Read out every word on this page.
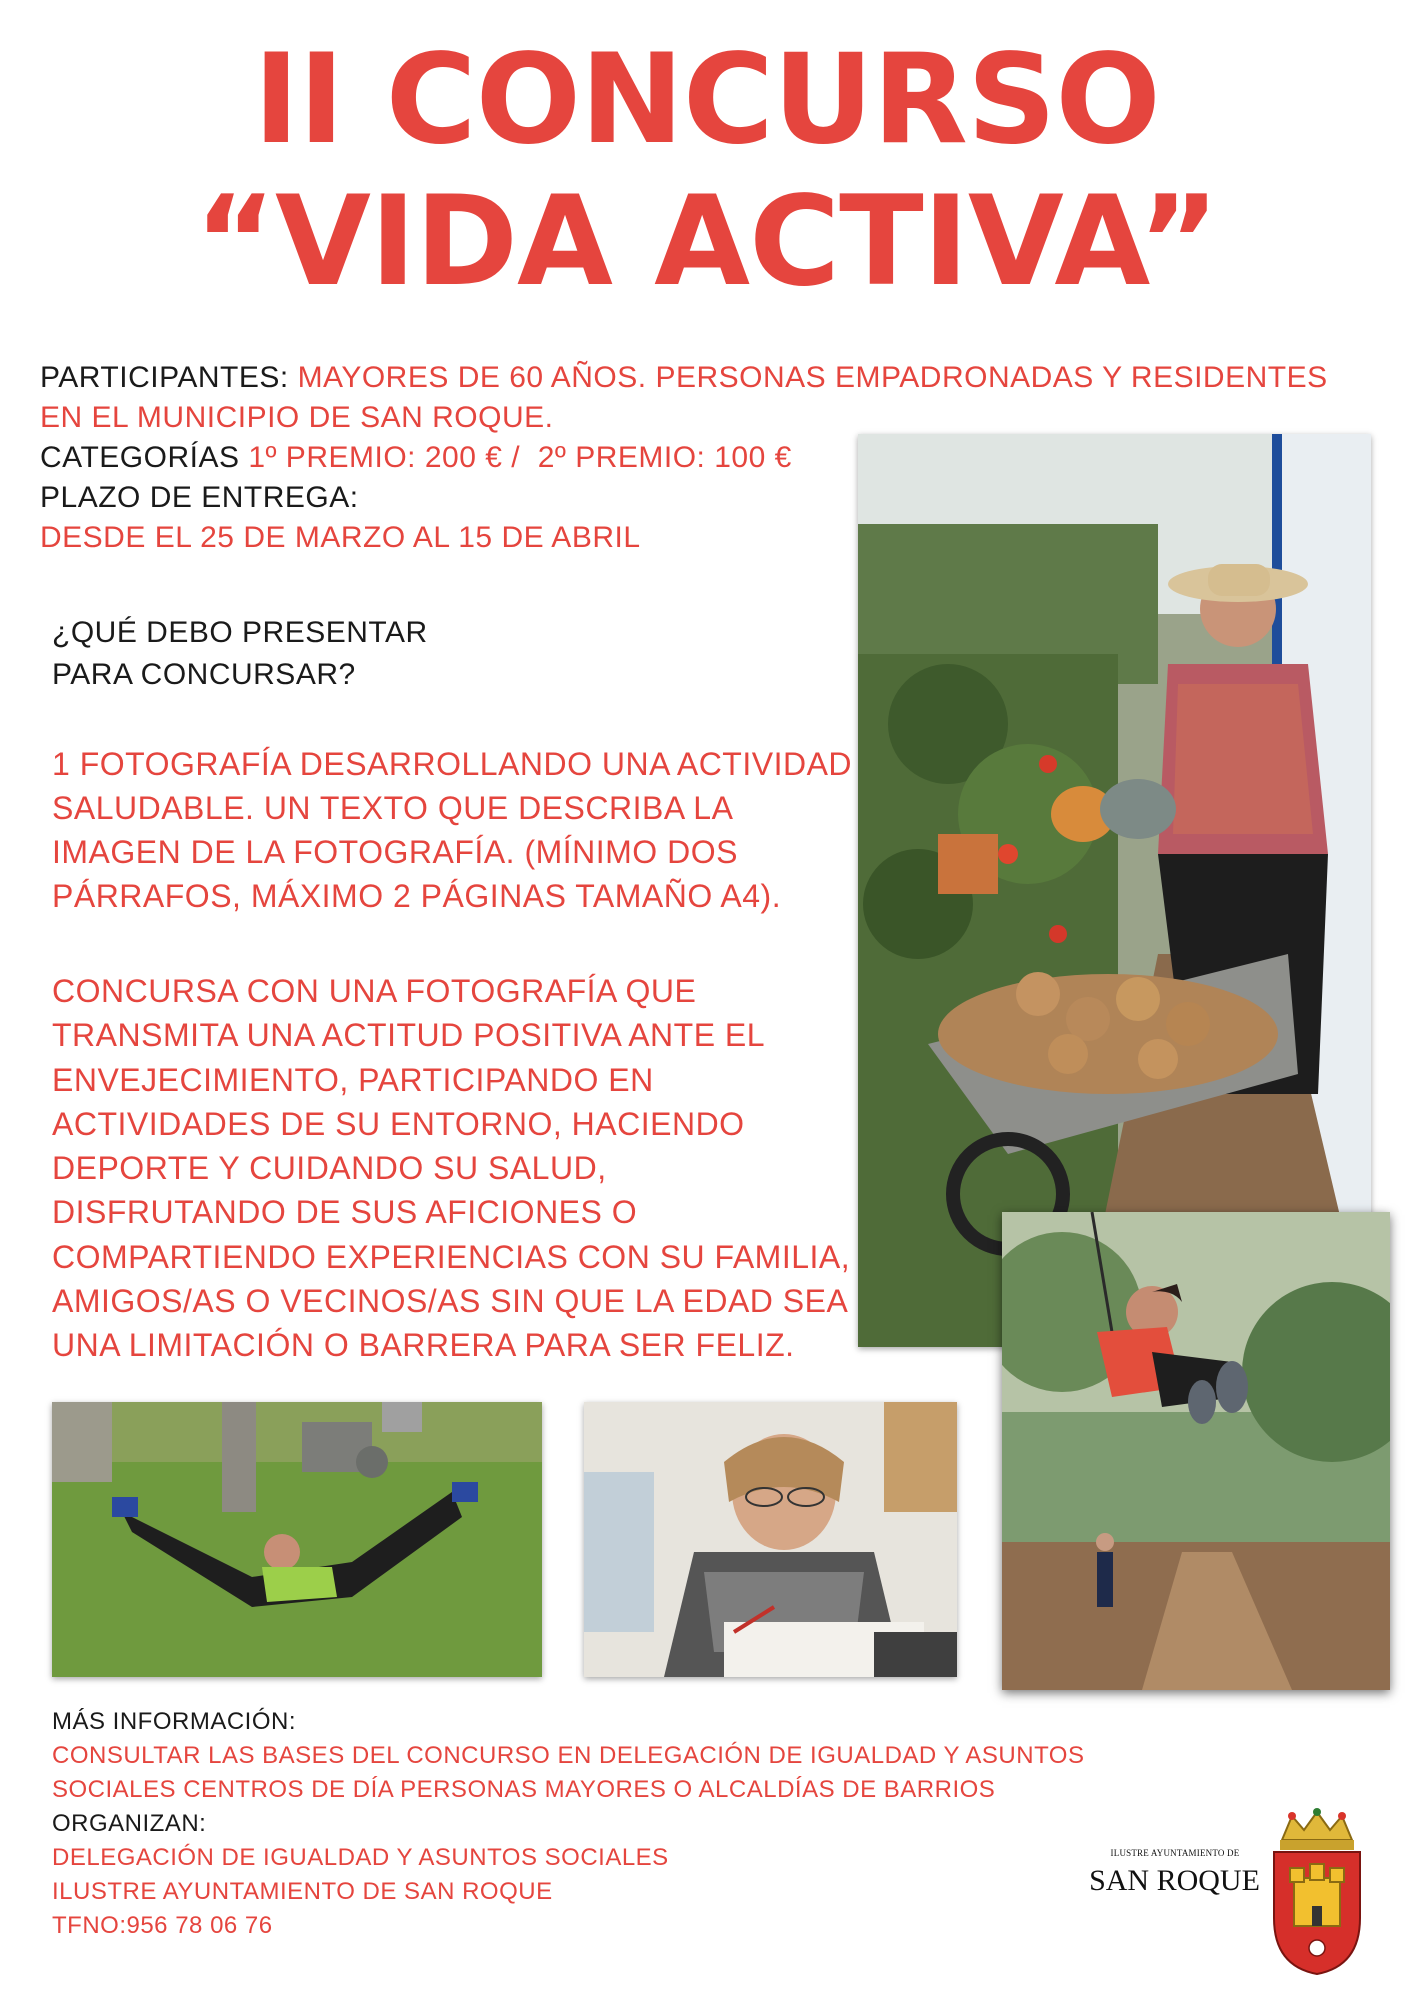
II CONCURSO
“VIDA ACTIVA”
PARTICIPANTES: MAYORES DE 60 AÑOS. PERSONAS EMPADRONADAS Y RESIDENTES
EN EL MUNICIPIO DE SAN ROQUE.
CATEGORÍAS 1º PREMIO: 200 € /  2º PREMIO: 100 €
PLAZO DE ENTREGA:
DESDE EL 25 DE MARZO AL 15 DE ABRIL
¿QUÉ DEBO PRESENTAR
PARA CONCURSAR?
1 FOTOGRAFÍA DESARROLLANDO UNA ACTIVIDAD
SALUDABLE. UN TEXTO QUE DESCRIBA LA
IMAGEN DE LA FOTOGRAFÍA. (MÍNIMO DOS
PÁRRAFOS, MÁXIMO 2 PÁGINAS TAMAÑO A4).
CONCURSA CON UNA FOTOGRAFÍA QUE
TRANSMITA UNA ACTITUD POSITIVA ANTE EL
ENVEJECIMIENTO, PARTICIPANDO EN
ACTIVIDADES DE SU ENTORNO, HACIENDO
DEPORTE Y CUIDANDO SU SALUD,
DISFRUTANDO DE SUS AFICIONES O
COMPARTIENDO EXPERIENCIAS CON SU FAMILIA,
AMIGOS/AS O VECINOS/AS SIN QUE LA EDAD SEA
UNA LIMITACIÓN O BARRERA PARA SER FELIZ.
MÁS INFORMACIÓN:
CONSULTAR LAS BASES DEL CONCURSO EN DELEGACIÓN DE IGUALDAD Y ASUNTOS
SOCIALES CENTROS DE DÍA PERSONAS MAYORES O ALCALDÍAS DE BARRIOS
ORGANIZAN:
DELEGACIÓN DE IGUALDAD Y ASUNTOS SOCIALES
ILUSTRE AYUNTAMIENTO DE SAN ROQUE
TFNO:956 78 06 76
ILUSTRE AYUNTAMIENTO DE
SAN ROQUE
